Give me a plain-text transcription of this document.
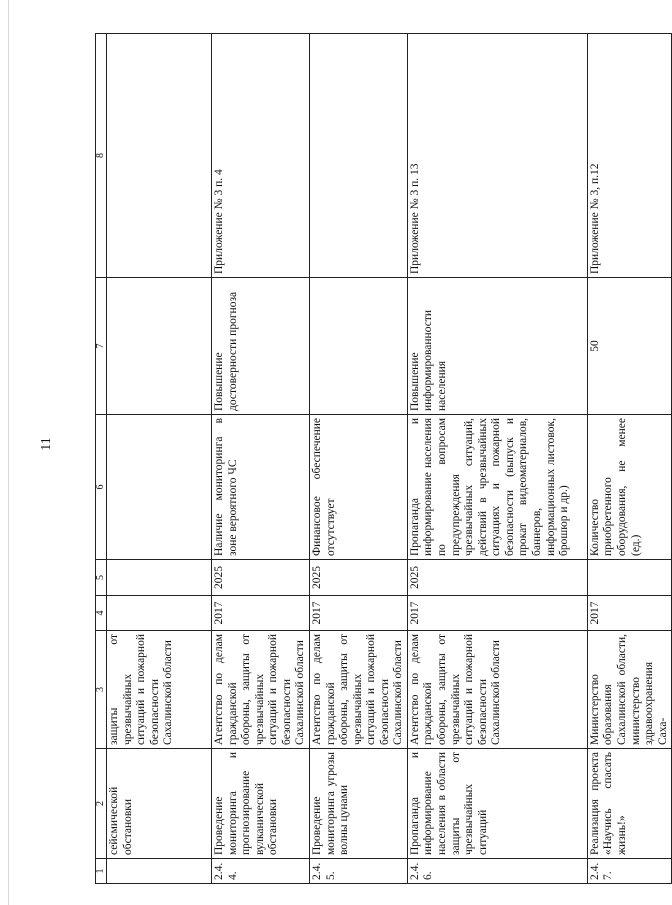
11
1	2	3	4	5	6	7	8
	сейсмической обстановки	защиты от чрезвычайных ситуаций и пожарной безопасности Сахалинской области					
2.4.4.	Проведение мониторинга и прогнозирование вулканической обстановки	Агентство по делам гражданской обороны, защиты от чрезвычайных ситуаций и пожарной безопасности Сахалинской области	2017	2025	Наличие мониторинга в зоне вероятного ЧС	Повышение достоверности прогноза	Приложение № 3 п. 4
2.4.5.	Проведение мониторинга угрозы волны цунами	Агентство по делам гражданской обороны, защиты от чрезвычайных ситуаций и пожарной безопасности Сахалинской области	2017	2025	Финансовое обеспечение отсутствует		
2.4.6.	Пропаганда и информирование населения в области защиты от чрезвычайных ситуаций	Агентство по делам гражданской обороны, защиты от чрезвычайных ситуаций и пожарной безопасности Сахалинской области	2017	2025	Пропаганда и информирование населения по вопросам предупреждения чрезвычайных ситуаций, действий в чрезвычайных ситуациях и пожарной безопасности (выпуск и прокат видеоматериалов, баннеров, информационных листовок, брошюр и др.)	Повышение информированности населения	Приложение № 3 п. 13
2.4.7.	Реализация проекта «Научись спасать жизнь!»	Министерство образования Сахалинской области, министерство здравоохранения Саха-	2017		Количество приобретенного оборудования, не менее (ед.)	50	Приложение № 3, п.12
